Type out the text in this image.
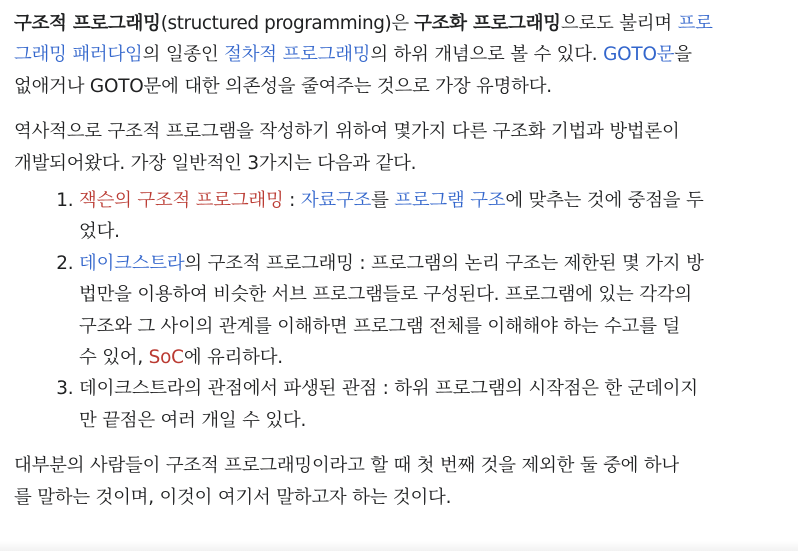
구조적 프로그래밍(structured programming)은 구조화 프로그래밍으로도 불리며 프로
그래밍 패러다임의 일종인 절차적 프로그래밍의 하위 개념으로 볼 수 있다. GOTO문을
없애거나 GOTO문에 대한 의존성을 줄여주는 것으로 가장 유명하다.

역사적으로 구조적 프로그램을 작성하기 위하여 몇가지 다른 구조화 기법과 방법론이
개발되어왔다. 가장 일반적인 3가지는 다음과 같다.

1. 잭슨의 구조적 프로그래밍 : 자료구조를 프로그램 구조에 맞추는 것에 중점을 두
었다.
2. 데이크스트라의 구조적 프로그래밍 : 프로그램의 논리 구조는 제한된 몇 가지 방
법만을 이용하여 비슷한 서브 프로그램들로 구성된다. 프로그램에 있는 각각의
구조와 그 사이의 관계를 이해하면 프로그램 전체를 이해해야 하는 수고를 덜
수 있어, SoC에 유리하다.
3. 데이크스트라의 관점에서 파생된 관점 : 하위 프로그램의 시작점은 한 군데이지
만 끝점은 여러 개일 수 있다.

대부분의 사람들이 구조적 프로그래밍이라고 할 때 첫 번째 것을 제외한 둘 중에 하나
를 말하는 것이며, 이것이 여기서 말하고자 하는 것이다.
